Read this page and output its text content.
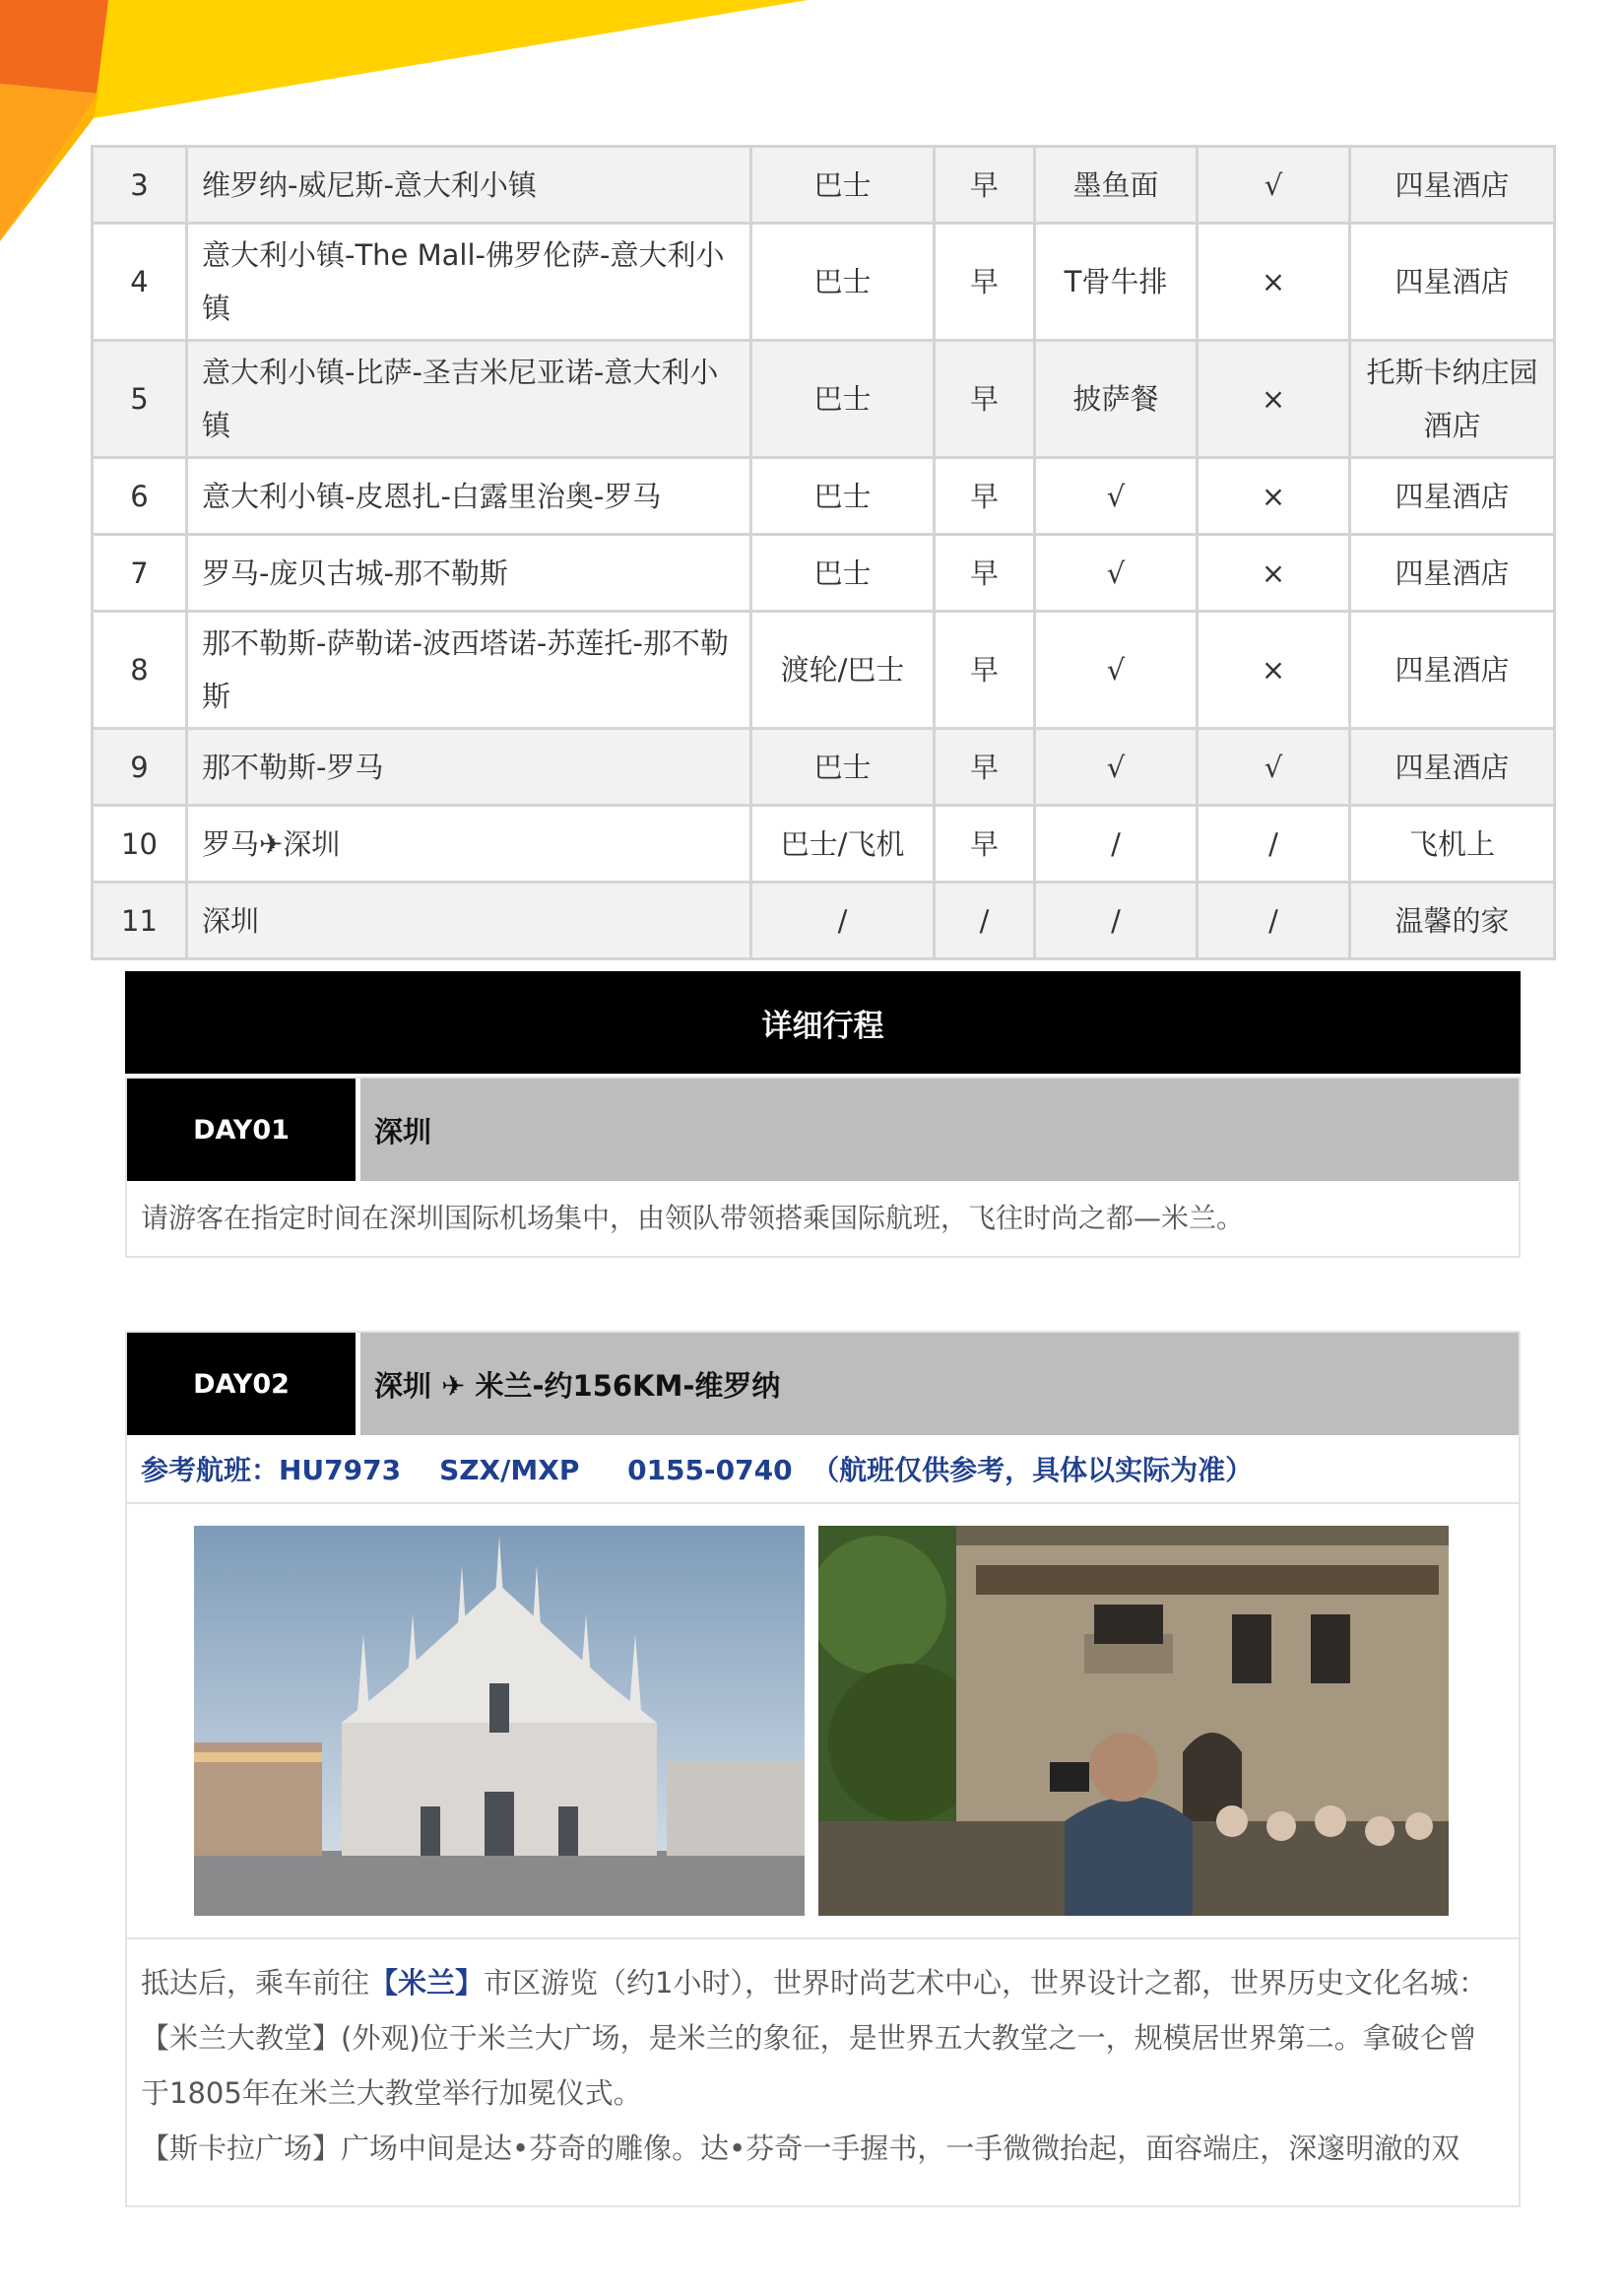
3	维罗纳-威尼斯-意大利小镇	巴士	早	墨鱼面	√	四星酒店
4	意大利小镇-The Mall-佛罗伦萨-意大利小镇	巴士	早	T骨牛排	×	四星酒店
5	意大利小镇-比萨-圣吉米尼亚诺-意大利小镇	巴士	早	披萨餐	×	托斯卡纳庄园酒店
6	意大利小镇-皮恩扎-白露里治奥-罗马	巴士	早	√	×	四星酒店
7	罗马-庞贝古城-那不勒斯	巴士	早	√	×	四星酒店
8	那不勒斯-萨勒诺-波西塔诺-苏莲托-那不勒斯	渡轮/巴士	早	√	×	四星酒店
9	那不勒斯-罗马	巴士	早	√	√	四星酒店
10	罗马✈深圳	巴士/飞机	早	/	/	飞机上
11	深圳	/	/	/	/	温馨的家
详细行程
DAY01	深圳
请游客在指定时间在深圳国际机场集中，由领队带领搭乘国际航班，飞往时尚之都—米兰。
DAY02	深圳 ✈ 米兰-约156KM-维罗纳
参考航班：HU7973    SZX/MXP     0155-0740  （航班仅供参考，具体以实际为准）
抵达后，乘车前往【米兰】市区游览（约1小时），世界时尚艺术中心，世界设计之都，世界历史文化名城：
【米兰大教堂】(外观)位于米兰大广场，是米兰的象征，是世界五大教堂之一，规模居世界第二。拿破仑曾于1805年在米兰大教堂举行加冕仪式。
【斯卡拉广场】广场中间是达•芬奇的雕像。达•芬奇一手握书，一手微微抬起，面容端庄，深邃明澈的双
